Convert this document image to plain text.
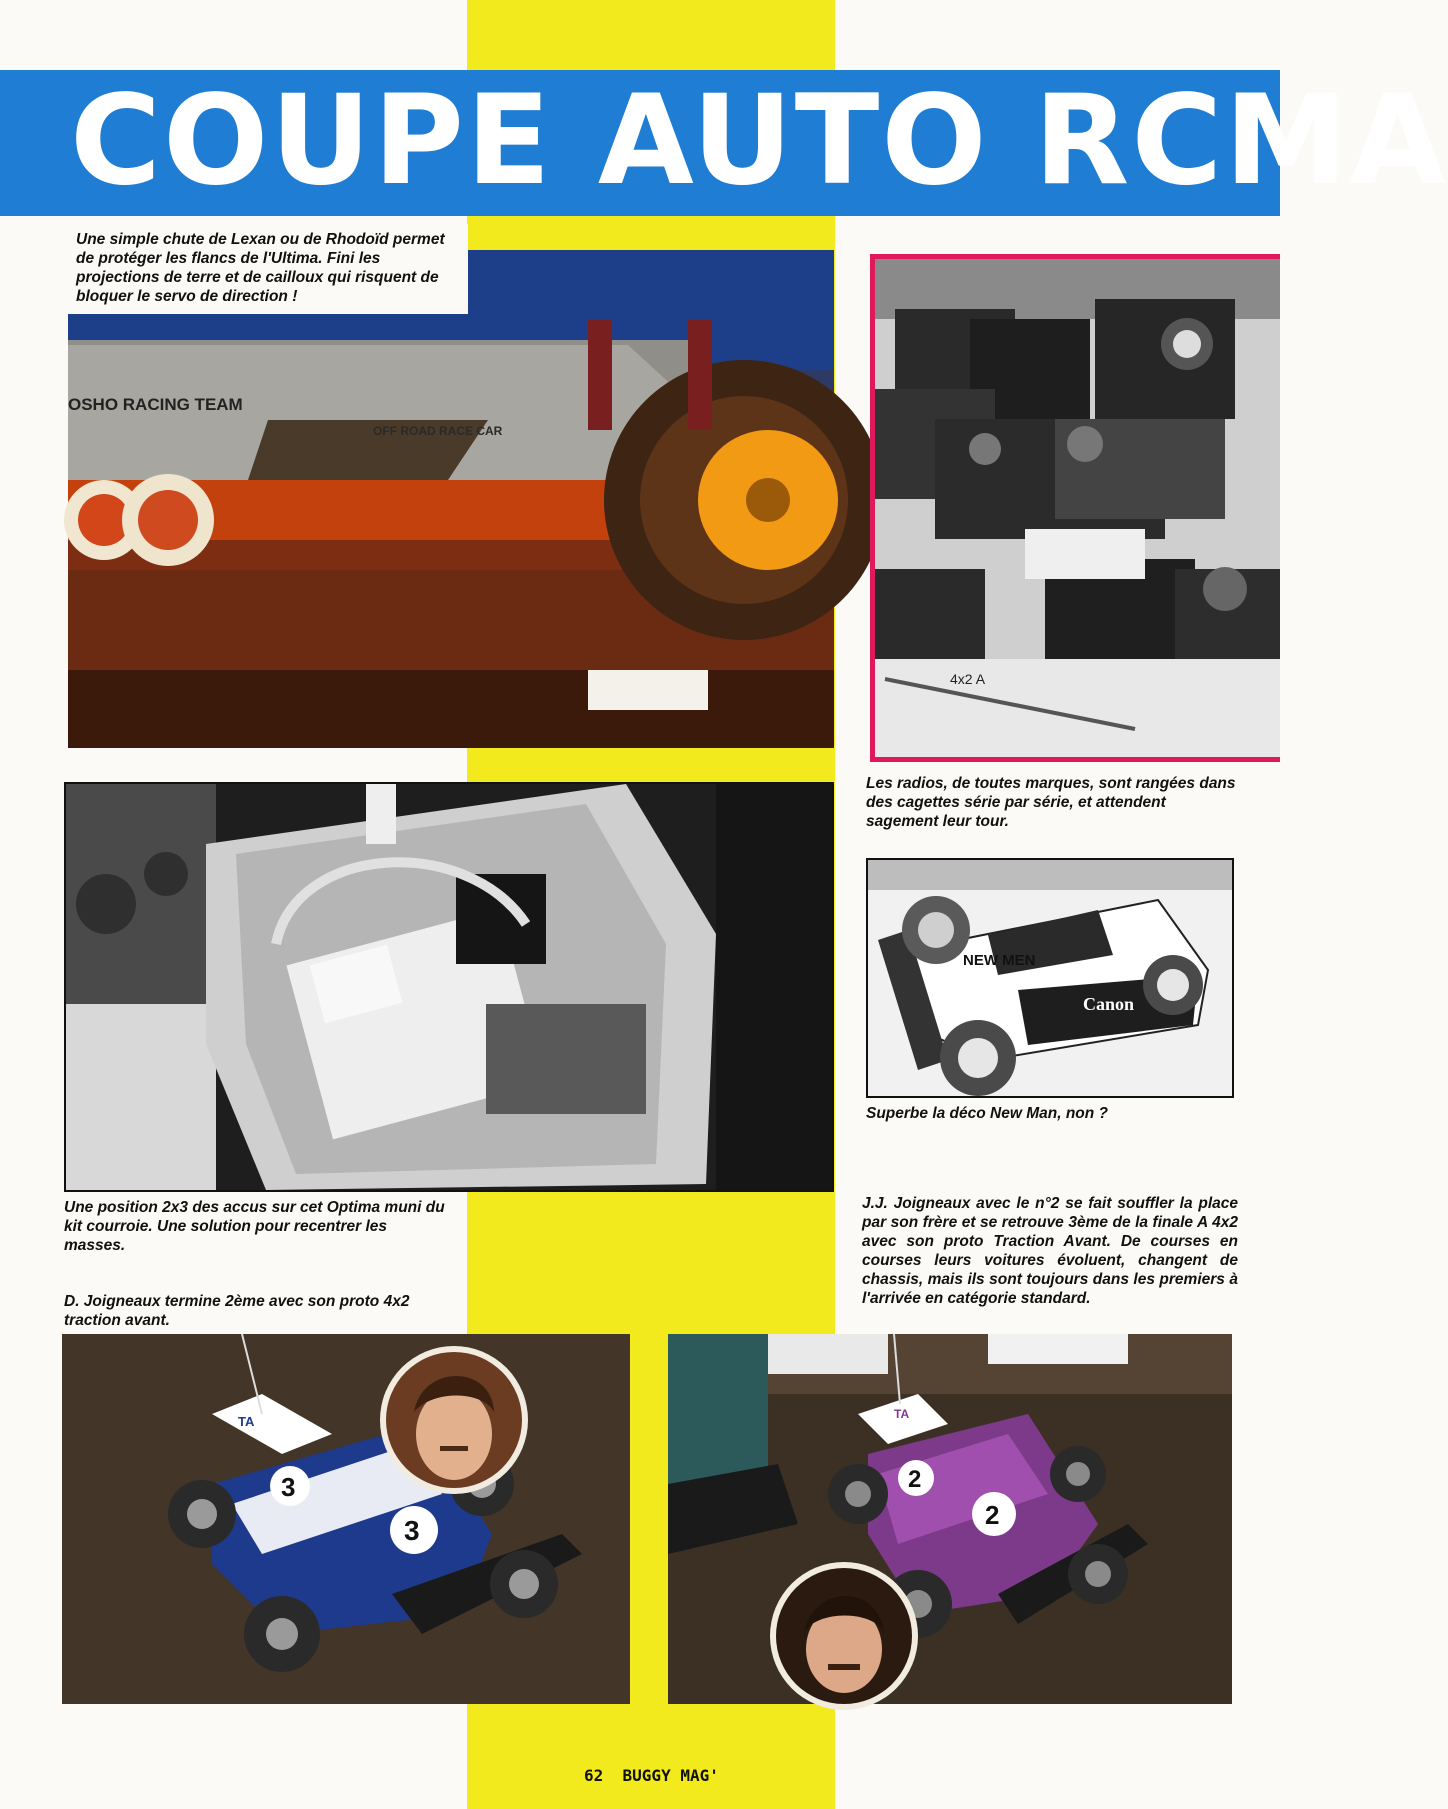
COUPE AUTO RCMA
OSHO RACING TEAM
OFF ROAD RACE CAR
Une simple chute de Lexan ou de Rhodoïd permet de protéger les flancs de l'Ultima. Fini les projections de terre et de cailloux qui risquent de bloquer le servo de direction !
4x2 A
Les radios, de toutes marques, sont rangées dans des cagettes série par série, et attendent sagement leur tour.
NEW MEN
Canon
Superbe la déco New Man, non ?
Une position 2x3 des accus sur cet Optima muni du kit courroie. Une solution pour recentrer les masses.
D. Joigneaux termine 2ème avec son proto 4x2 traction avant.
J.J. Joigneaux avec le n°2 se fait souffler la place par son frère et se retrouve 3ème de la finale A 4x2 avec son proto Traction Avant. De courses en courses leurs voitures évoluent, changent de chassis, mais ils sont toujours dans les premiers à l'arrivée en catégorie standard.
3
3
TA
2
2
TA
62 BUGGY MAG'
